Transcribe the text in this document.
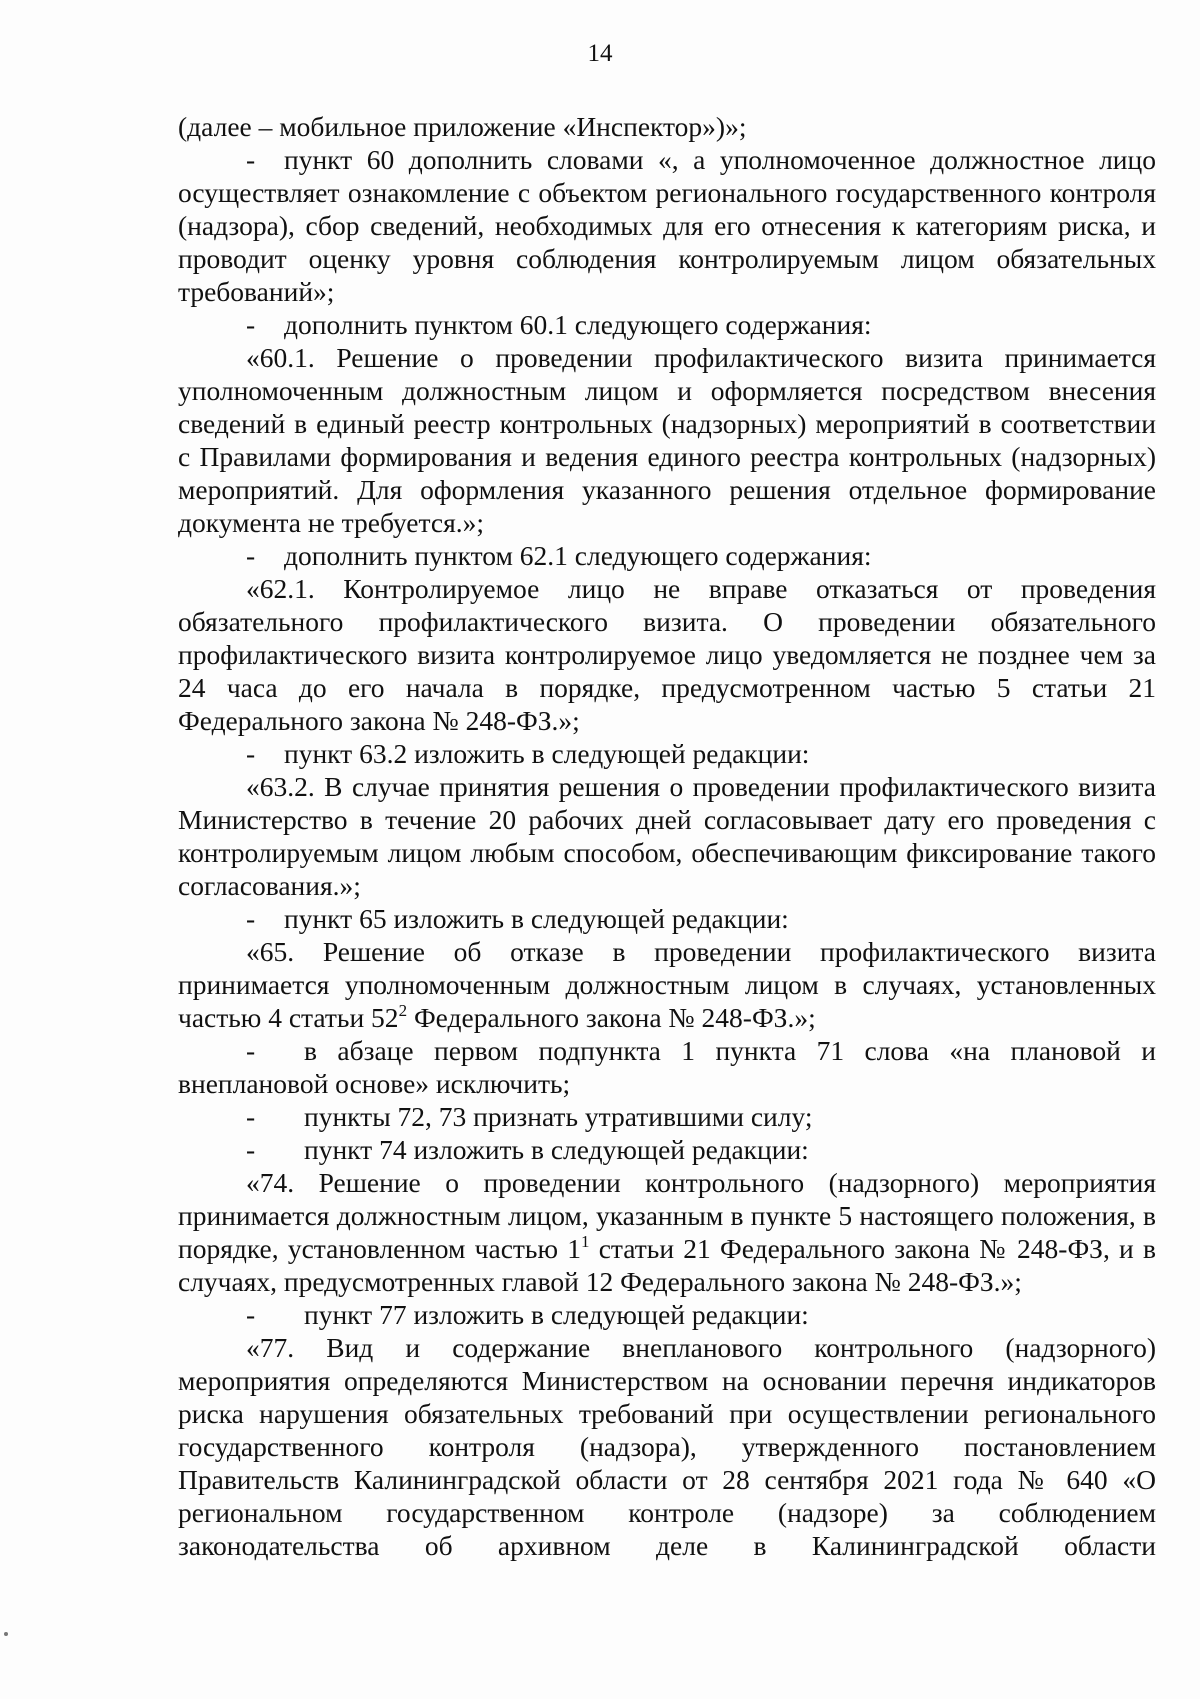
14

(далее – мобильное приложение «Инспектор»)»;

- пункт 60 дополнить словами «, а уполномоченное должностное лицо осуществляет ознакомление с объектом регионального государственного контроля (надзора), сбор сведений, необходимых для его отнесения к категориям риска, и проводит оценку уровня соблюдения контролируемым лицом обязательных требований»;

- дополнить пунктом 60.1 следующего содержания:

«60.1. Решение о проведении профилактического визита принимается уполномоченным должностным лицом и оформляется посредством внесения сведений в единый реестр контрольных (надзорных) мероприятий в соответствии с Правилами формирования и ведения единого реестра контрольных (надзорных) мероприятий. Для оформления указанного решения отдельное формирование документа не требуется.»;

- дополнить пунктом 62.1 следующего содержания:

«62.1. Контролируемое лицо не вправе отказаться от проведения обязательного профилактического визита. О проведении обязательного профилактического визита контролируемое лицо уведомляется не позднее чем за 24 часа до его начала в порядке, предусмотренном частью 5 статьи 21 Федерального закона № 248-ФЗ.»;

- пункт 63.2 изложить в следующей редакции:

«63.2. В случае принятия решения о проведении профилактического визита Министерство в течение 20 рабочих дней согласовывает дату его проведения с контролируемым лицом любым способом, обеспечивающим фиксирование такого согласования.»;

- пункт 65 изложить в следующей редакции:

«65. Решение об отказе в проведении профилактического визита принимается уполномоченным должностным лицом в случаях, установленных частью 4 статьи $52^2$ Федерального закона № 248-ФЗ.»;

- в абзаце первом подпункта 1 пункта 71 слова «на плановой и внеплановой основе» исключить;

- пункты 72, 73 признать утратившими силу;

- пункт 74 изложить в следующей редакции:

«74. Решение о проведении контрольного (надзорного) мероприятия принимается должностным лицом, указанным в пункте 5 настоящего положения, в порядке, установленном частью $1^1$ статьи 21 Федерального закона № 248-ФЗ, и в случаях, предусмотренных главой 12 Федерального закона № 248-ФЗ.»;

- пункт 77 изложить в следующей редакции:

«77. Вид и содержание внепланового контрольного (надзорного) мероприятия определяются Министерством на основании перечня индикаторов риска нарушения обязательных требований при осуществлении регионального государственного контроля (надзора), утвержденного постановлением Правительств Калининградской области от 28 сентября 2021 года № 640 «О региональном государственном контроле (надзоре) за соблюдением законодательства об архивном деле в Калининградской области
